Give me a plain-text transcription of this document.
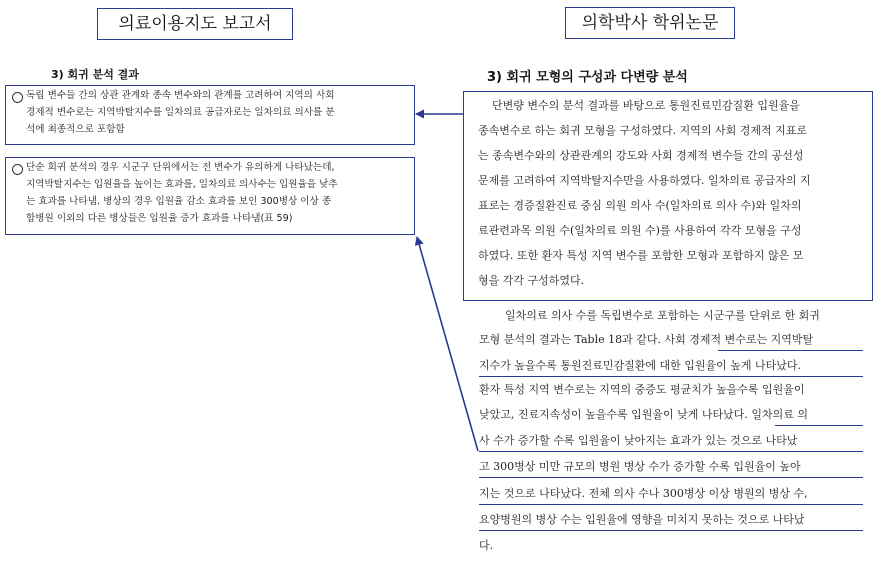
의료이용지도 보고서	의학박사 학위논문
3) 회귀 분석 결과	3) 회귀 모형의 구성과 다변량 분석
독립 변수들 간의 상관 관계와 종속 변수와의 관계를 고려하여 지역의 사회
경제적 변수로는 지역박탈지수를 일차의료 공급자로는 일차의료 의사를 분
석에 최종적으로 포함함
단순 회귀 분석의 경우 시군구 단위에서는 전 변수가 유의하게 나타났는데,
지역박탈지수는 입원율을 높이는 효과를, 일차의료 의사수는 입원율을 낮추
는 효과를 나타냄. 병상의 경우 입원율 감소 효과를 보인 300병상 이상 종
합병원 이외의 다른 병상들은 입원율 증가 효과를 나타냄(표 59)
단변량 변수의 분석 결과를 바탕으로 통원진료민감질환 입원율을
종속변수로 하는 회귀 모형을 구성하였다. 지역의 사회 경제적 지표로
는 종속변수와의 상관관계의 강도와 사회 경제적 변수들 간의 공선성
문제를 고려하여 지역박탈지수만을 사용하였다. 일차의료 공급자의 지
표로는 경증질환진료 중심 의원 의사 수(일차의료 의사 수)와 일차의
료관련과목 의원 수(일차의료 의원 수)를 사용하여 각각 모형을 구성
하였다. 또한 환자 특성 지역 변수를 포함한 모형과 포함하지 않은 모
형을 각각 구성하였다.
일차의료 의사 수를 독립변수로 포함하는 시군구를 단위로 한 회귀
모형 분석의 결과는 Table 18과 같다. 사회 경제적 변수로는 지역박탈
지수가 높을수록 통원진료민감질환에 대한 입원율이 높게 나타났다.
환자 특성 지역 변수로는 지역의 중증도 평균치가 높을수록 입원율이
낮았고, 진료지속성이 높을수록 입원율이 낮게 나타났다. 일차의료 의
사 수가 증가할 수록 입원율이 낮아지는 효과가 있는 것으로 나타났
고 300병상 미만 규모의 병원 병상 수가 증가할 수록 입원율이 높아
지는 것으로 나타났다. 전체 의사 수나 300병상 이상 병원의 병상 수,
요양병원의 병상 수는 입원율에 영향을 미치지 못하는 것으로 나타났
다.
